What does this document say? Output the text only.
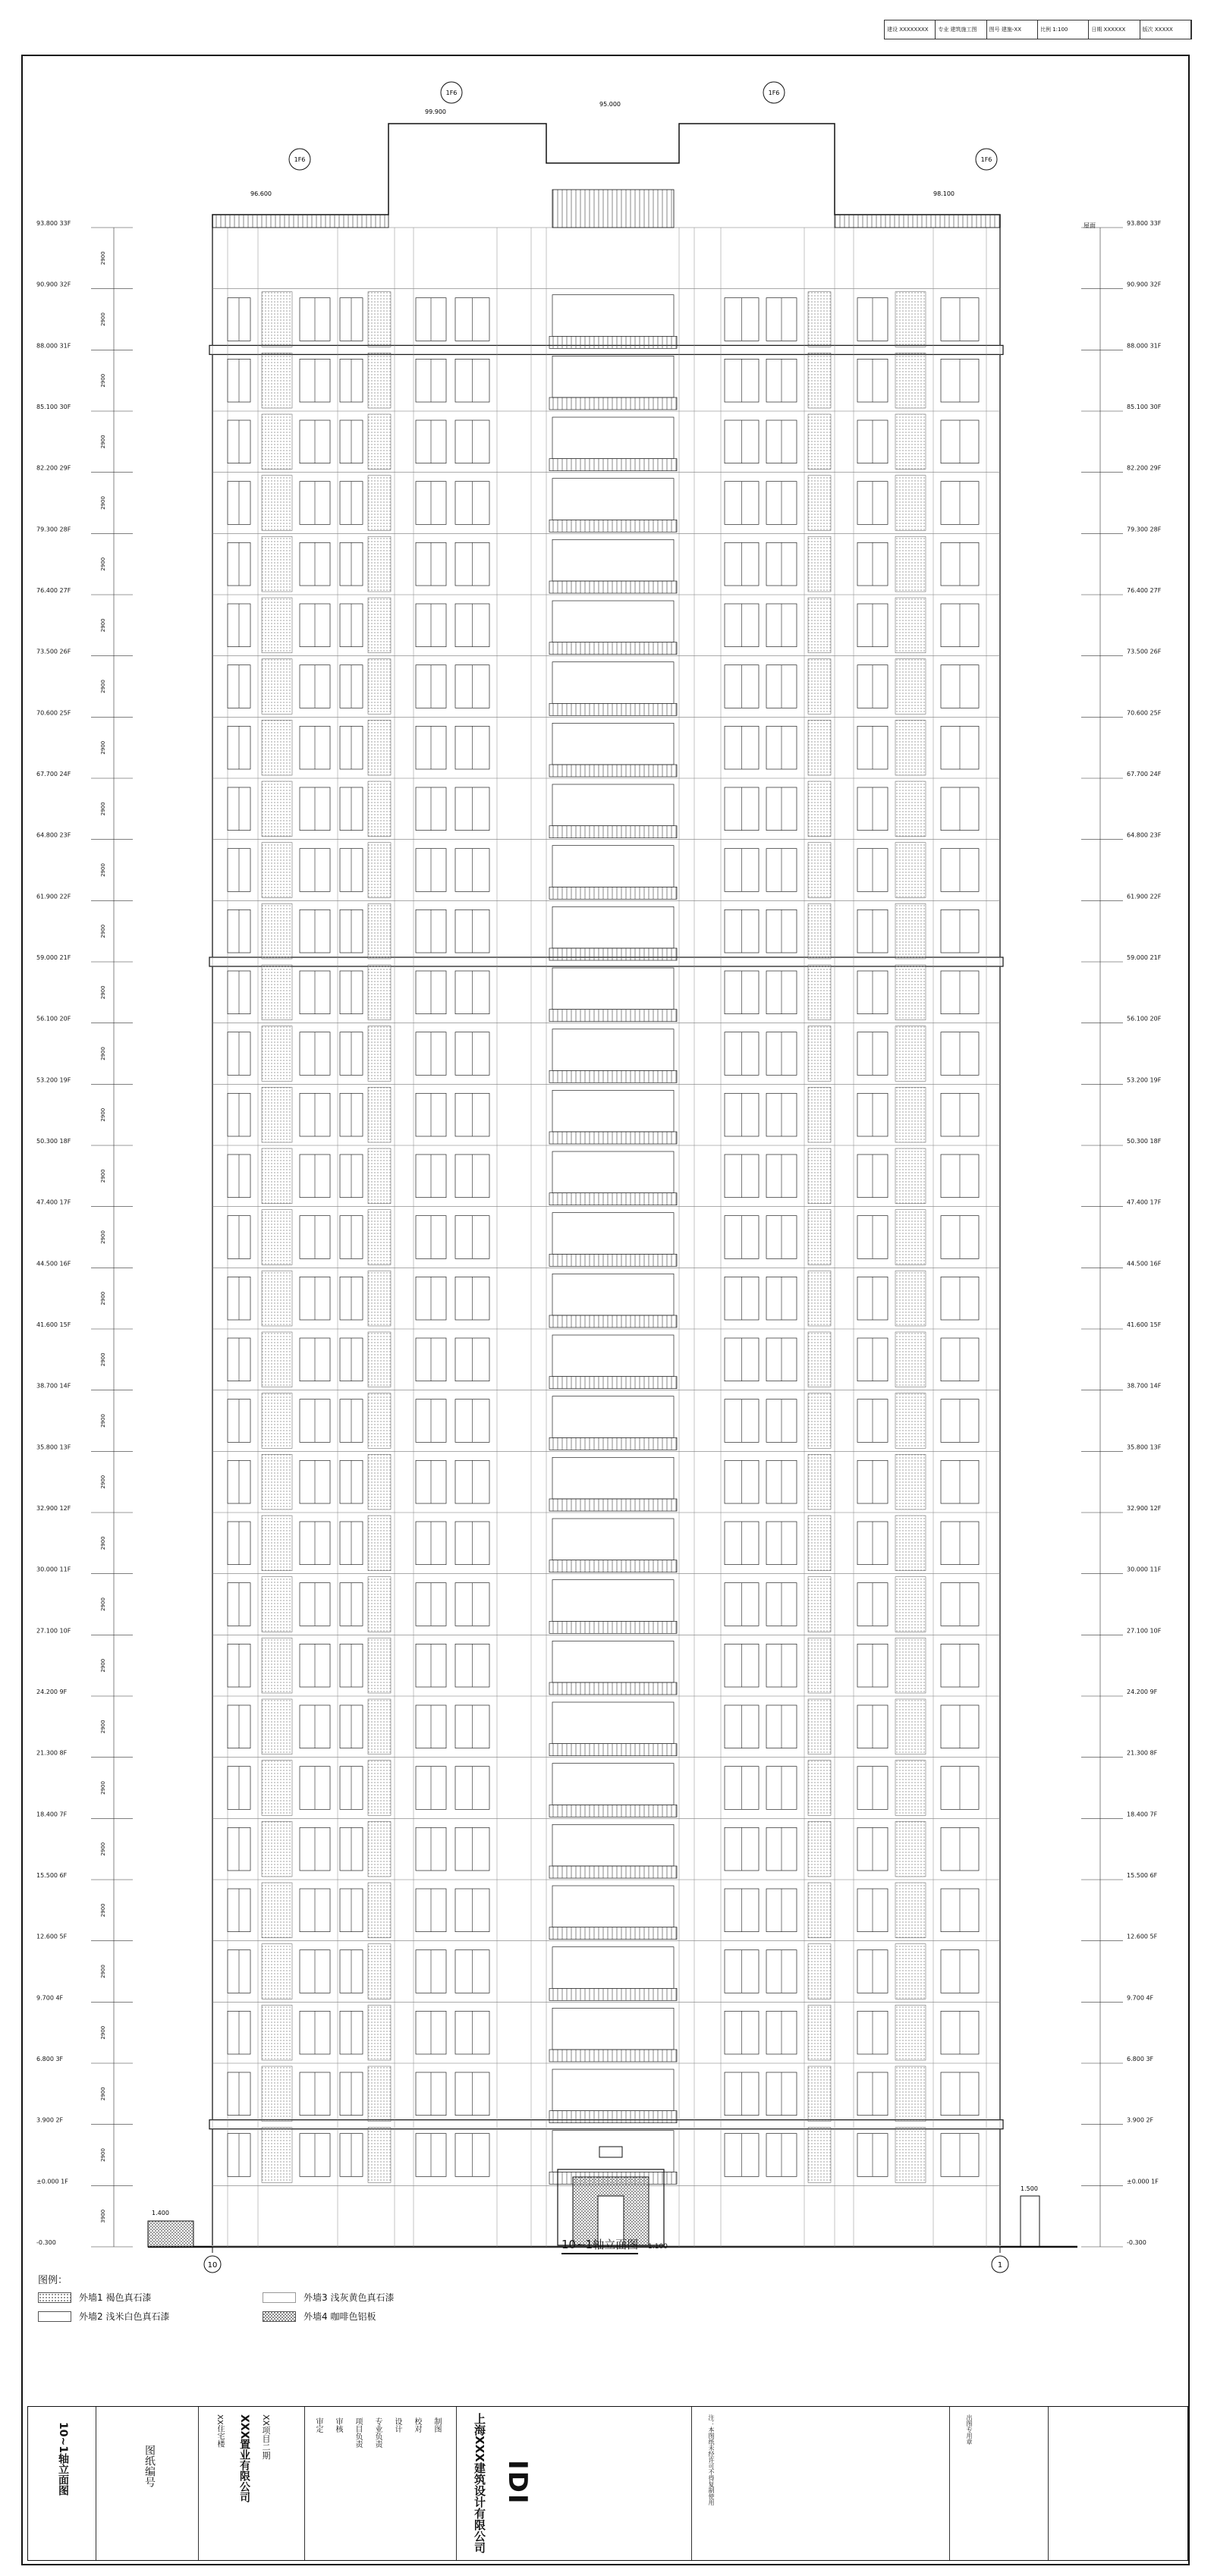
建设 XXXXXXXX	专业 建筑施工图	图号 建施-XX	比例 1:100	日期 XXXXXX	版次 XXXXX
-0.300	-0.300
±0.000 1F	±0.000 1F
3.900 2F	3.900 2F
6.800 3F	6.800 3F
9.700 4F	9.700 4F
12.600 5F	12.600 5F
15.500 6F	15.500 6F
18.400 7F	18.400 7F
21.300 8F	21.300 8F
24.200 9F	24.200 9F
27.100 10F	27.100 10F
30.000 11F	30.000 11F
32.900 12F	32.900 12F
35.800 13F	35.800 13F
38.700 14F	38.700 14F
41.600 15F	41.600 15F
44.500 16F	44.500 16F
47.400 17F	47.400 17F
50.300 18F	50.300 18F
53.200 19F	53.200 19F
56.100 20F	56.100 20F
59.000 21F	59.000 21F
61.900 22F	61.900 22F
64.800 23F	64.800 23F
67.700 24F	67.700 24F
70.600 25F	70.600 25F
73.500 26F	73.500 26F
76.400 27F	76.400 27F
79.300 28F	79.300 28F
82.200 29F	82.200 29F
85.100 30F	85.100 30F
88.000 31F	88.000 31F
90.900 32F	90.900 32F
93.800 33F	93.800 33F
3900
2900
2900
2900
2900
2900
2900
2900
2900
2900
2900
2900
2900
2900
2900
2900
2900
2900
2900
2900
2900
2900
2900
2900
2900
2900
2900
2900
2900
2900
2900
2900
2900
1F6	1F6
1F6	1F6
99.900
96.600
95.000
98.100
1.400
1.500
10	1
屋面
10~1轴立面图 1:100
图例：
外墙1 褐色真石漆	外墙3 浅灰黄色真石漆
外墙2 浅米白色真石漆	外墙4 咖啡色铝板
10~1轴立面图	图纸编号	XXX置业有限公司 XX项目二期
XX住宅楼	审定 审核 项目负责 专业负责 设计 校对 制图	上海XXX建筑设计有限公司 IDI	注：本图纸未经许可不得复制使用	出图专用章
